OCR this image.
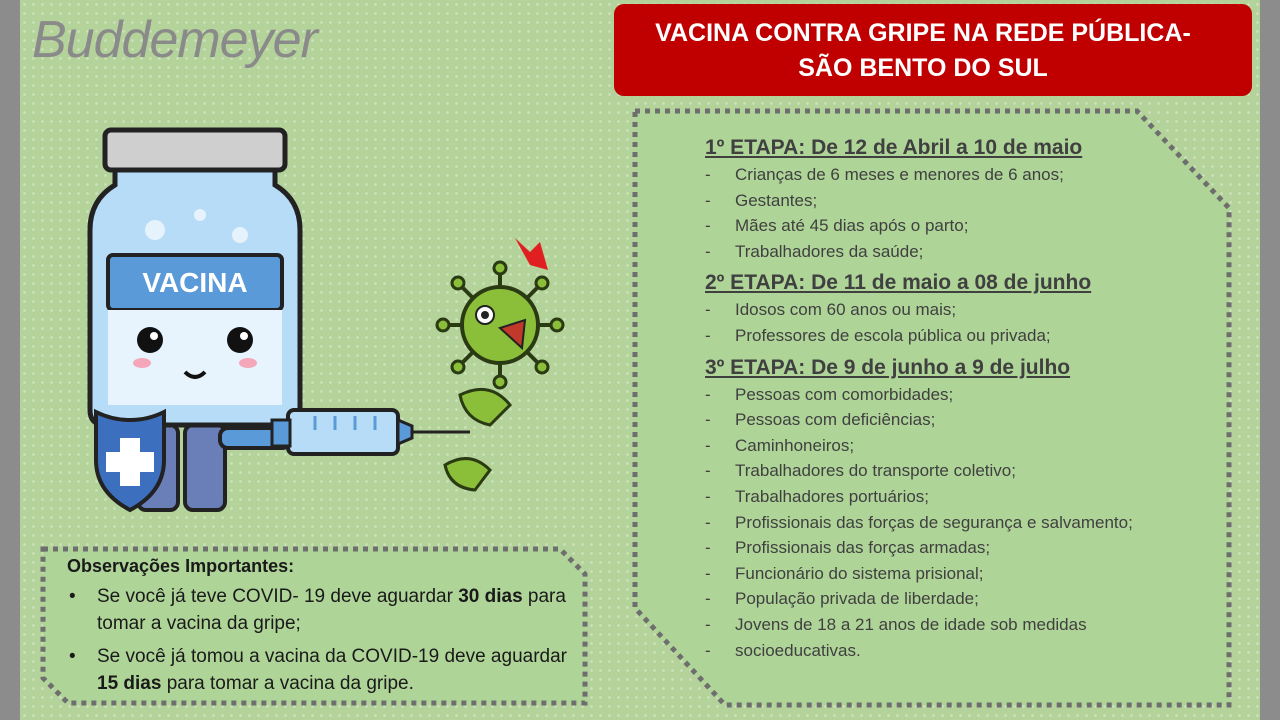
Buddemeyer	VACINA CONTRA GRIPE NA REDE PÚBLICA-
SÃO BENTO DO SUL
VACINA

1º ETAPA: De 12 de Abril a 10 de maio

- Crianças de 6 meses e menores de 6 anos;
- Gestantes;
- Mães até 45 dias após o parto;
- Trabalhadores da saúde;

2º ETAPA: De 11 de maio a 08 de junho

- Idosos com 60 anos ou mais;
- Professores de escola pública ou privada;

3º ETAPA: De 9 de junho a 9 de julho

- Pessoas com comorbidades;
- Pessoas com deficiências;
- Caminhoneiros;
- Trabalhadores do transporte coletivo;
- Trabalhadores portuários;
- Profissionais das forças de segurança e salvamento;
- Profissionais das forças armadas;
- Funcionário do sistema prisional;
- População privada de liberdade;
- Jovens de 18 a 21 anos de idade sob medidas
- socioeducativas.

Observações Importantes:

• Se você já teve COVID- 19 deve aguardar 30 dias para tomar a vacina da gripe;
• Se você já tomou a vacina da COVID-19 deve aguardar 15 dias para tomar a vacina da gripe.
